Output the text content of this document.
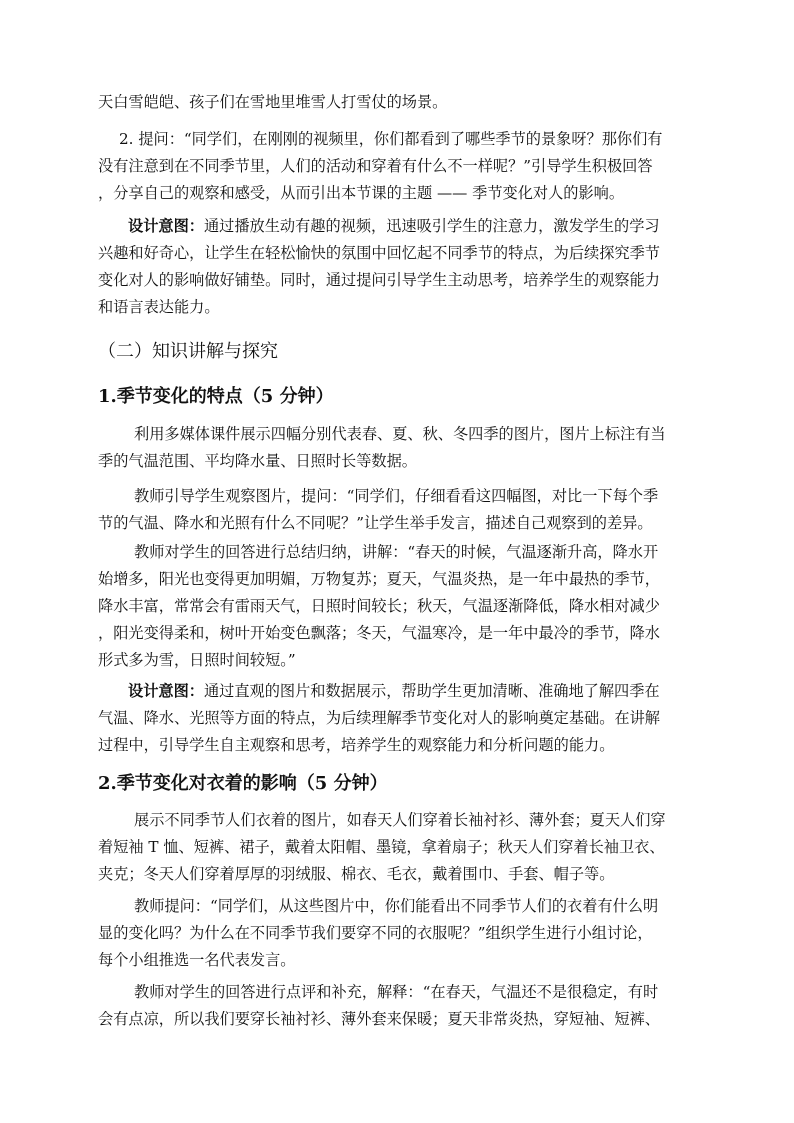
天白雪皑皑、孩子们在雪地里堆雪人打雪仗的场景。
2. 提问：“同学们，在刚刚的视频里，你们都看到了哪些季节的景象呀？那你们有
没有注意到在不同季节里，人们的活动和穿着有什么不一样呢？”引导学生积极回答
，分享自己的观察和感受，从而引出本节课的主题 —— 季节变化对人的影响。
设计意图：通过播放生动有趣的视频，迅速吸引学生的注意力，激发学生的学习
兴趣和好奇心，让学生在轻松愉快的氛围中回忆起不同季节的特点，为后续探究季节
变化对人的影响做好铺垫。同时，通过提问引导学生主动思考，培养学生的观察能力
和语言表达能力。
（二）知识讲解与探究
1.季节变化的特点（5 分钟）
利用多媒体课件展示四幅分别代表春、夏、秋、冬四季的图片，图片上标注有当
季的气温范围、平均降水量、日照时长等数据。
教师引导学生观察图片，提问：“同学们，仔细看看这四幅图，对比一下每个季
节的气温、降水和光照有什么不同呢？”让学生举手发言，描述自己观察到的差异。
教师对学生的回答进行总结归纳，讲解：“春天的时候，气温逐渐升高，降水开
始增多，阳光也变得更加明媚，万物复苏；夏天，气温炎热，是一年中最热的季节，
降水丰富，常常会有雷雨天气，日照时间较长；秋天，气温逐渐降低，降水相对减少
，阳光变得柔和，树叶开始变色飘落；冬天，气温寒冷，是一年中最冷的季节，降水
形式多为雪，日照时间较短。”
设计意图：通过直观的图片和数据展示，帮助学生更加清晰、准确地了解四季在
气温、降水、光照等方面的特点，为后续理解季节变化对人的影响奠定基础。在讲解
过程中，引导学生自主观察和思考，培养学生的观察能力和分析问题的能力。
2.季节变化对衣着的影响（5 分钟）
展示不同季节人们衣着的图片，如春天人们穿着长袖衬衫、薄外套；夏天人们穿
着短袖 T 恤、短裤、裙子，戴着太阳帽、墨镜，拿着扇子；秋天人们穿着长袖卫衣、
夹克；冬天人们穿着厚厚的羽绒服、棉衣、毛衣，戴着围巾、手套、帽子等。
教师提问：“同学们，从这些图片中，你们能看出不同季节人们的衣着有什么明
显的变化吗？为什么在不同季节我们要穿不同的衣服呢？”组织学生进行小组讨论，
每个小组推选一名代表发言。
教师对学生的回答进行点评和补充，解释：“在春天，气温还不是很稳定，有时
会有点凉，所以我们要穿长袖衬衫、薄外套来保暖；夏天非常炎热，穿短袖、短裤、
